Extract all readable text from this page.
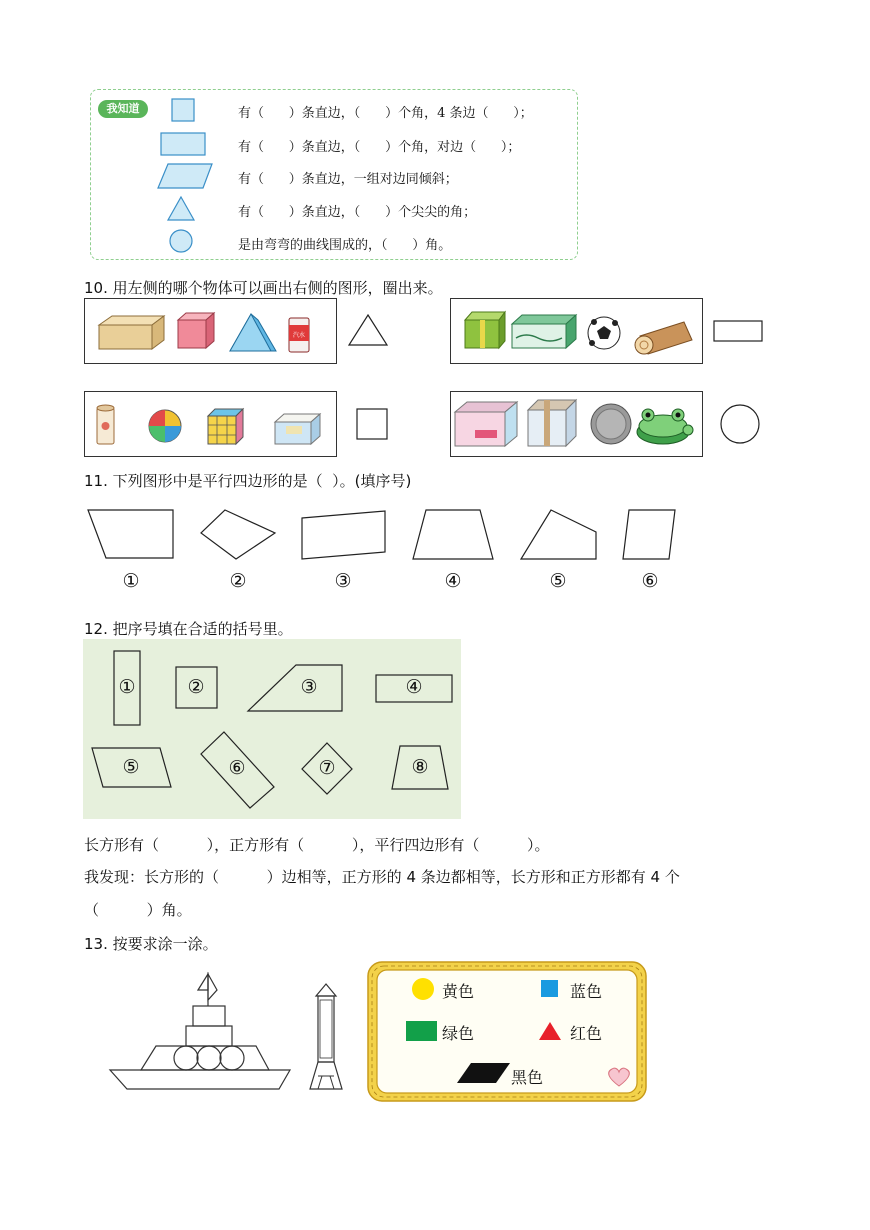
我知道	有（      ）条直边，（      ）个角，4 条边（      ）；
有（      ）条直边，（      ）个角，对边（      ）；
有（      ）条直边，一组对边同倾斜；
有（      ）条直边，（      ）个尖尖的角；
是由弯弯的曲线围成的，（      ）角。
10. 用左侧的哪个物体可以画出右侧的图形，圈出来。
汽水
11. 下列图形中是平行四边形的是（  ）。(填序号)
①	②	③	④	⑤	⑥
12. 把序号填在合适的括号里。
①	②	③	④
⑤	⑥	⑦	⑧
长方形有（          ），正方形有（          ），平行四边形有（          ）。
我发现：长方形的（          ）边相等，正方形的 4 条边都相等，长方形和正方形都有 4 个
（          ）角。
13. 按要求涂一涂。
黄色	蓝色
绿色	红色
黑色
